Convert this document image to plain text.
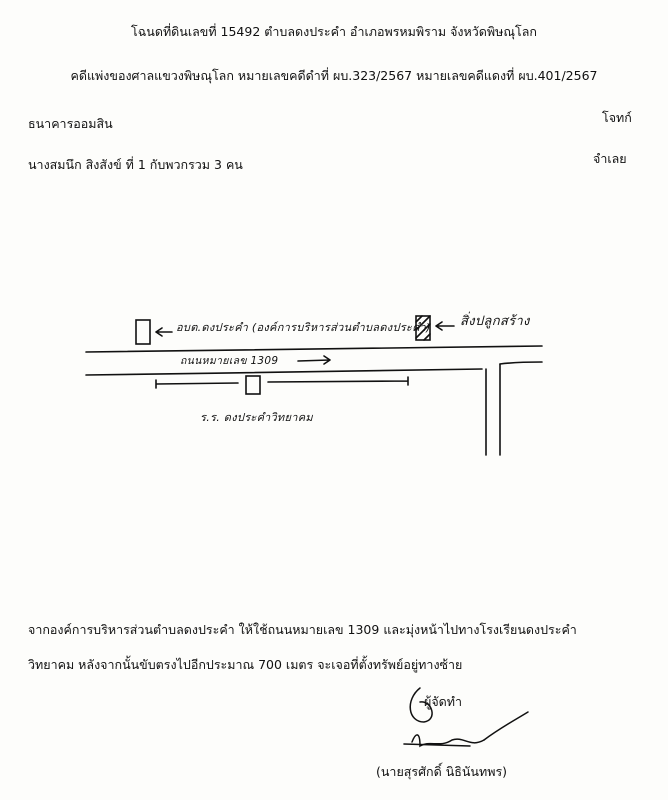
โฉนดที่ดินเลขที่ 15492 ตำบลดงประคำ อำเภอพรหมพิราม จังหวัดพิษณุโลก
คดีแพ่งของศาลแขวงพิษณุโลก หมายเลขคดีดำที่ ผบ.323/2567 หมายเลขคดีแดงที่ ผบ.401/2567
ธนาคารออมสิน	โจทก์
นางสมนึก สิงสังข์ ที่ 1 กับพวกรวม 3 คน	จำเลย
อบต.ดงประคำ (องค์การบริหารส่วนตำบลดงประคำ) สิ่งปลูกสร้าง
ถนนหมายเลข 1309
ร.ร. ดงประคำวิทยาคม
จากองค์การบริหารส่วนตำบลดงประคำ ให้ใช้ถนนหมายเลข 1309 และมุ่งหน้าไปทางโรงเรียนดงประคำ
วิทยาคม หลังจากนั้นขับตรงไปอีกประมาณ 700 เมตร จะเจอที่ตั้งทรัพย์อยู่ทางซ้าย
ผู้จัดทำ
(นายสุรศักดิ์ นิธินันทพร)
